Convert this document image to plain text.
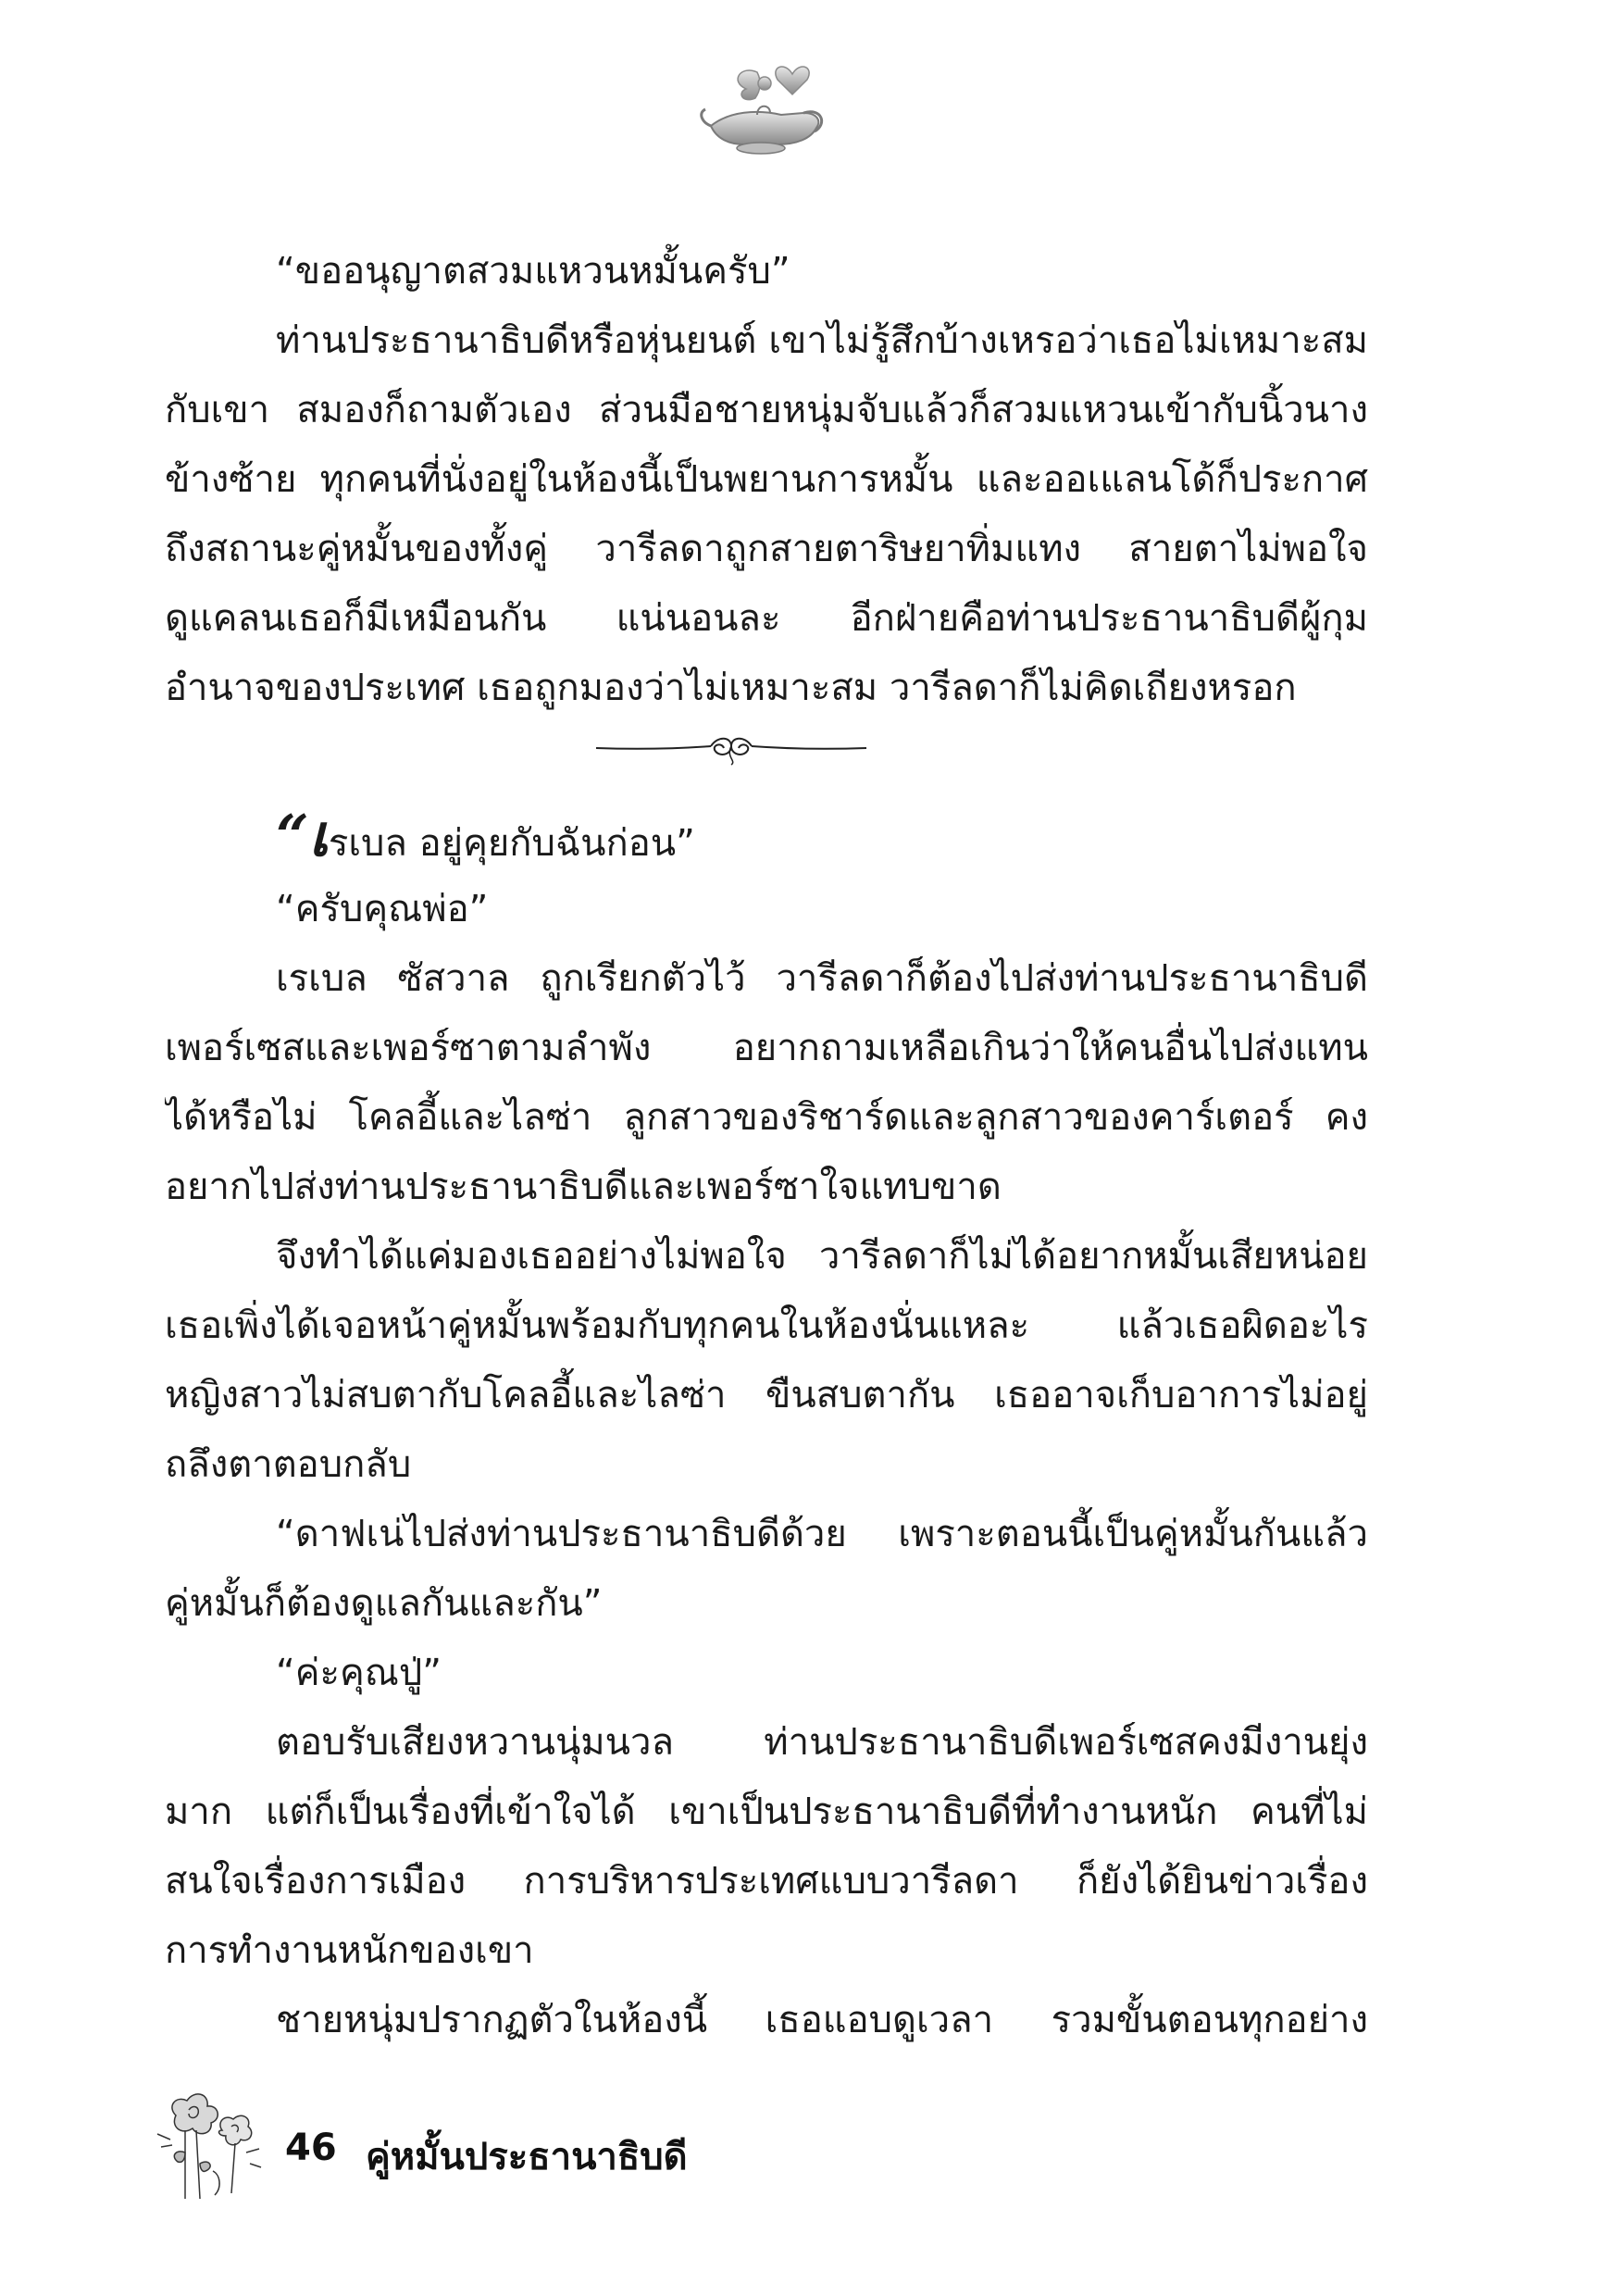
“ขออนุญาตสวมแหวนหมั้นครับ”
ท่านประธานาธิบดีหรือหุ่นยนต์ เขาไม่รู้สึกบ้างเหรอว่าเธอไม่เหมาะสม
กับเขา สมองก็ถามตัวเอง ส่วนมือชายหนุ่มจับแล้วก็สวมแหวนเข้ากับนิ้วนาง
ข้างซ้าย ทุกคนที่นั่งอยู่ในห้องนี้เป็นพยานการหมั้น และออเแลนโด้ก็ประกาศ
ถึงสถานะคู่หมั้นของทั้งคู่ วารีลดาถูกสายตาริษยาทิ่มแทง สายตาไม่พอใจ
ดูแคลนเธอก็มีเหมือนกัน แน่นอนละ อีกฝ่ายคือท่านประธานาธิบดีผู้กุม
อำนาจของประเทศ เธอถูกมองว่าไม่เหมาะสม วารีลดาก็ไม่คิดเถียงหรอก
“เรเบล อยู่คุยกับฉันก่อน”
“ครับคุณพ่อ”
เรเบล ซัสวาล ถูกเรียกตัวไว้ วารีลดาก็ต้องไปส่งท่านประธานาธิบดี
เพอร์เซสและเพอร์ซาตามลำพัง อยากถามเหลือเกินว่าให้คนอื่นไปส่งแทน
ได้หรือไม่ โคลอี้และไลซ่า ลูกสาวของริชาร์ดและลูกสาวของคาร์เตอร์ คง
อยากไปส่งท่านประธานาธิบดีและเพอร์ซาใจแทบขาด
จึงทำได้แค่มองเธออย่างไม่พอใจ วารีลดาก็ไม่ได้อยากหมั้นเสียหน่อย
เธอเพิ่งได้เจอหน้าคู่หมั้นพร้อมกับทุกคนในห้องนั่นแหละ แล้วเธอผิดอะไร
หญิงสาวไม่สบตากับโคลอี้และไลซ่า ขืนสบตากัน เธออาจเก็บอาการไม่อยู่
ถลึงตาตอบกลับ
“ดาฟเน่ไปส่งท่านประธานาธิบดีด้วย เพราะตอนนี้เป็นคู่หมั้นกันแล้ว
คู่หมั้นก็ต้องดูแลกันและกัน”
“ค่ะคุณปู่”
ตอบรับเสียงหวานนุ่มนวล ท่านประธานาธิบดีเพอร์เซสคงมีงานยุ่ง
มาก แต่ก็เป็นเรื่องที่เข้าใจได้ เขาเป็นประธานาธิบดีที่ทำงานหนัก คนที่ไม่
สนใจเรื่องการเมือง การบริหารประเทศแบบวารีลดา ก็ยังได้ยินข่าวเรื่อง
การทำงานหนักของเขา
ชายหนุ่มปรากฏตัวในห้องนี้ เธอแอบดูเวลา รวมขั้นตอนทุกอย่าง
46 คู่หมั้นประธานาธิบดี
